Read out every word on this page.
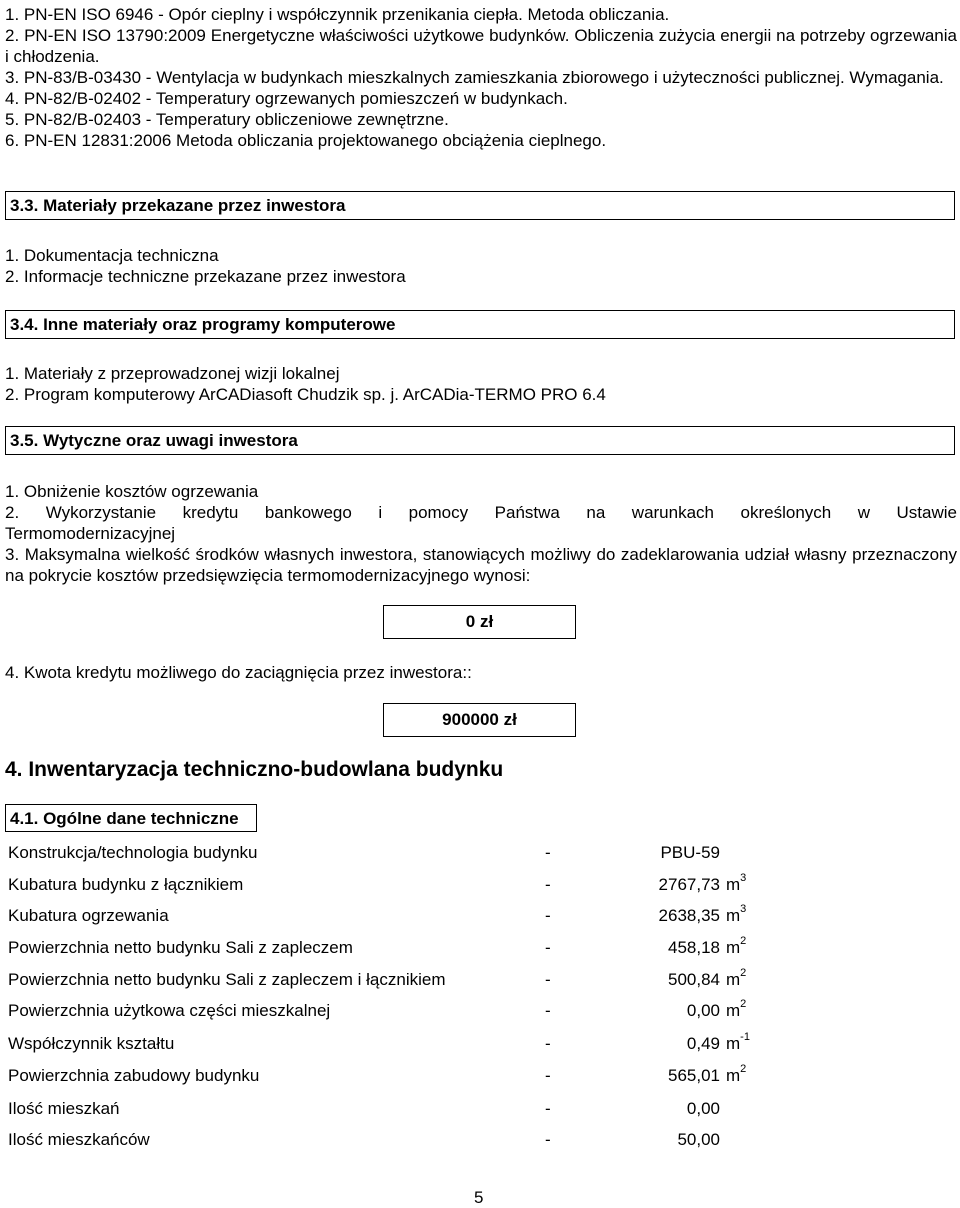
1. PN-EN ISO 6946 - Opór cieplny i współczynnik przenikania ciepła. Metoda obliczania.

2. PN-EN ISO 13790:2009 Energetyczne właściwości użytkowe budynków. Obliczenia zużycia energii na potrzeby ogrzewania i chłodzenia.

3. PN-83/B-03430 - Wentylacja w budynkach mieszkalnych zamieszkania zbiorowego i użyteczności publicznej. Wymagania.

4. PN-82/B-02402 - Temperatury ogrzewanych pomieszczeń w budynkach.

5. PN-82/B-02403 - Temperatury obliczeniowe zewnętrzne.

6. PN-EN 12831:2006 Metoda obliczania projektowanego obciążenia cieplnego.

3.3. Materiały przekazane przez inwestora

1. Dokumentacja techniczna

2. Informacje techniczne przekazane przez inwestora

3.4. Inne materiały oraz programy komputerowe

1. Materiały z przeprowadzonej wizji lokalnej

2. Program komputerowy ArCADiasoft Chudzik sp. j. ArCADia-TERMO PRO 6.4

3.5. Wytyczne oraz uwagi inwestora

1. Obniżenie kosztów ogrzewania

2. Wykorzystanie kredytu bankowego i pomocy Państwa na warunkach określonych w Ustawie

Termomodernizacyjnej

3. Maksymalna wielkość środków własnych inwestora, stanowiących możliwy do zadeklarowania udział własny przeznaczony na pokrycie kosztów przedsięwzięcia termomodernizacyjnego wynosi:

0 zł
4. Kwota kredytu możliwego do zaciągnięcia przez inwestora::
900000 zł
4. Inwentaryzacja techniczno-budowlana budynku
4.1. Ogólne dane techniczne
Konstrukcja/technologia budynku	-	PBU-59
Kubatura budynku z łącznikiem	-	2767,73 $m^3$
Kubatura ogrzewania	-	2638,35 $m^3$
Powierzchnia netto budynku Sali z zapleczem	-	458,18 $m^2$
Powierzchnia netto budynku Sali z zapleczem i łącznikiem	-	500,84 $m^2$
Powierzchnia użytkowa części mieszkalnej	-	0,00 $m^2$
Współczynnik kształtu	-	0,49 $m^{-1}$
Powierzchnia zabudowy budynku	-	565,01 $m^2$
Ilość mieszkań	-	0,00
Ilość mieszkańców	-	50,00
5
